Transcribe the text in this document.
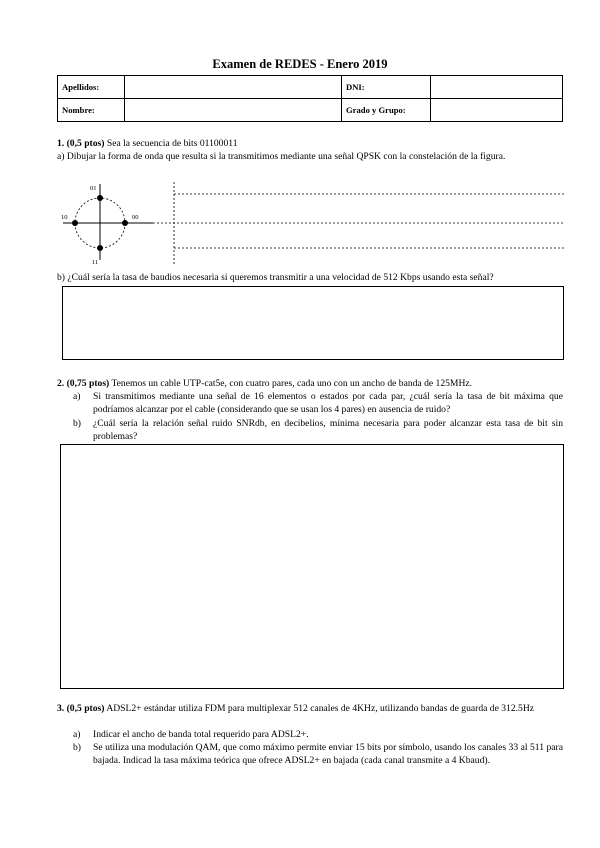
Examen de REDES - Enero 2019
Apellidos:		DNI:	
Nombre:		Grado y Grupo:	
1. (0,5 ptos) Sea la secuencia de bits 01100011
a) Dibujar la forma de onda que resulta si la transmitimos mediante una señal QPSK con la constelación de la figura.
01
10	00
11
b) ¿Cuál sería la tasa de baudios necesaria si queremos transmitir a una velocidad de 512 Kbps usando esta señal?
2. (0,75 ptos) Tenemos un cable UTP-cat5e, con cuatro pares, cada uno con un ancho de banda de 125MHz.
a) Si transmitimos mediante una señal de 16 elementos o estados por cada par, ¿cuál sería la tasa de bit máxima que podríamos alcanzar por el cable (considerando que se usan los 4 pares) en ausencia de ruido?
b) ¿Cuál sería la relación señal ruido SNRdb, en decibelios, mínima necesaria para poder alcanzar esta tasa de bit sin problemas?
3. (0,5 ptos) ADSL2+ estándar utiliza FDM para multiplexar 512 canales de 4KHz, utilizando bandas de guarda de 312.5Hz
a) Indicar el ancho de banda total requerido para ADSL2+.
b) Se utiliza una modulación QAM, que como máximo permite enviar 15 bits por símbolo, usando los canales 33 al 511 para bajada. Indicad la tasa máxima teórica que ofrece ADSL2+ en bajada (cada canal transmite a 4 Kbaud).
